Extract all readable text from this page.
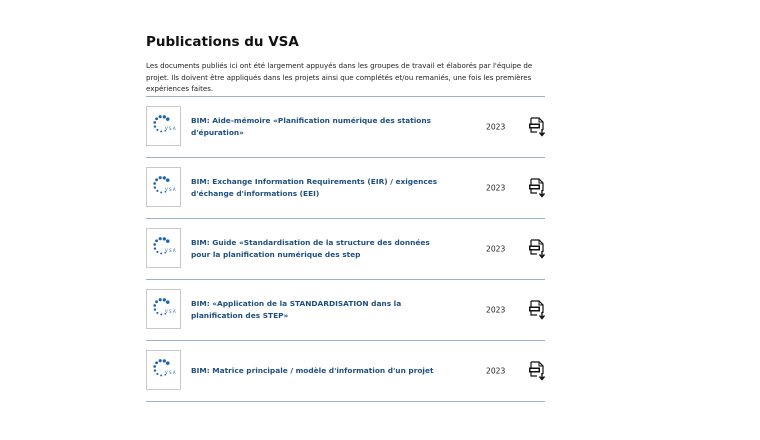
Publications du VSA

Les documents publiés ici ont été largement appuyés dans les groupes de travail et élaborés par l'équipe de projet. Ils doivent être appliqués dans les projets ainsi que complétés et/ou remaniés, une fois les premières expériences faites.

V S A
BIM: Aide-mémoire «Planification numérique des stations d'épuration»
2023
V S A
BIM: Exchange Information Requirements (EIR) / exigences d'échange d'informations (EEI)
2023
V S A
BIM: Guide «Standardisation de la structure des données pour la planification numérique des step
2023
V S A
BIM: «Application de la STANDARDISATION dans la planification des STEP»
2023
V S A BIM: Matrice principale / modèle d'information d'un projet	2023
